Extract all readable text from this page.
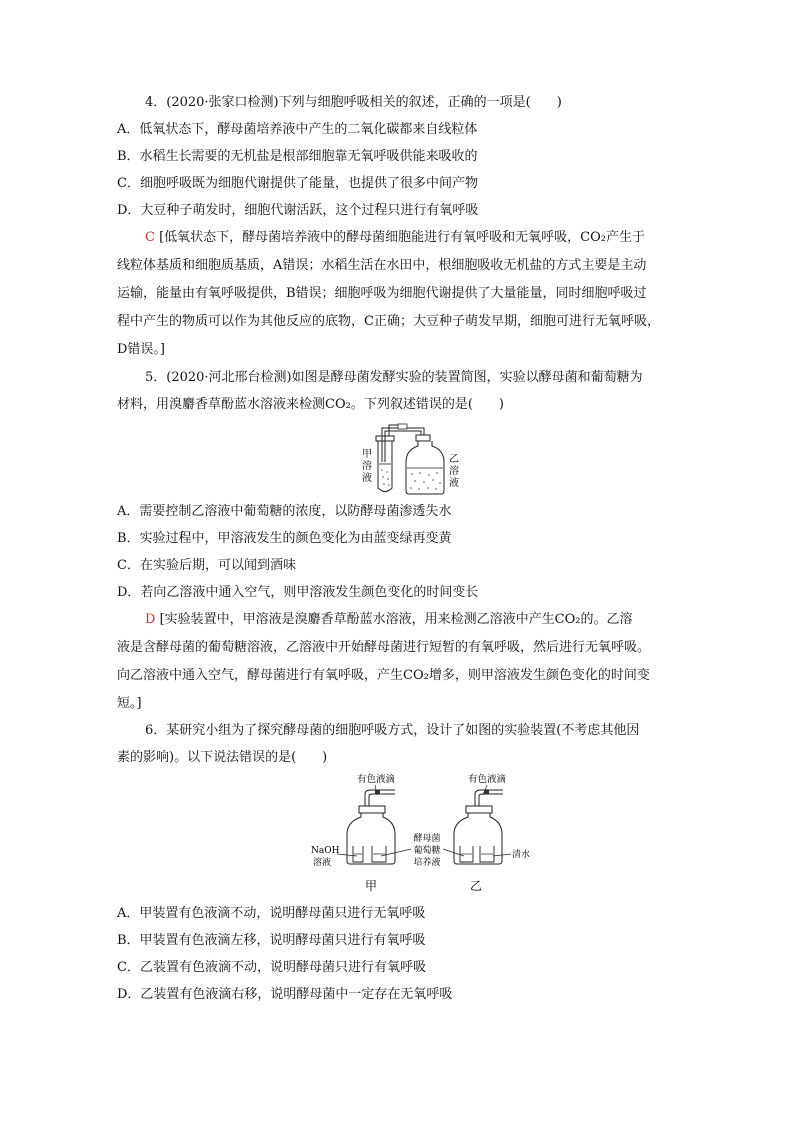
4．(2020·张家口检测)下列与细胞呼吸相关的叙述，正确的一项是(　　)
A．低氧状态下，酵母菌培养液中产生的二氧化碳都来自线粒体
B．水稻生长需要的无机盐是根部细胞靠无氧呼吸供能来吸收的
C．细胞呼吸既为细胞代谢提供了能量，也提供了很多中间产物
D．大豆种子萌发时，细胞代谢活跃，这个过程只进行有氧呼吸
C [低氧状态下，酵母菌培养液中的酵母菌细胞能进行有氧呼吸和无氧呼吸，CO₂产生于
线粒体基质和细胞质基质，A错误；水稻生活在水田中，根细胞吸收无机盐的方式主要是主动
运输，能量由有氧呼吸提供，B错误；细胞呼吸为细胞代谢提供了大量能量，同时细胞呼吸过
程中产生的物质可以作为其他反应的底物，C正确；大豆种子萌发早期，细胞可进行无氧呼吸，
D错误。]
5．(2020·河北邢台检测)如图是酵母菌发酵实验的装置简图，实验以酵母菌和葡萄糖为
材料，用溴麝香草酚蓝水溶液来检测CO₂。下列叙述错误的是(　　)
甲
溶
液
乙
溶
液
A．需要控制乙溶液中葡萄糖的浓度，以防酵母菌渗透失水
B．实验过程中，甲溶液发生的颜色变化为由蓝变绿再变黄
C．在实验后期，可以闻到酒味
D．若向乙溶液中通入空气，则甲溶液发生颜色变化的时间变长
D [实验装置中，甲溶液是溴麝香草酚蓝水溶液，用来检测乙溶液中产生CO₂的。乙溶
液是含酵母菌的葡萄糖溶液，乙溶液中开始酵母菌进行短暂的有氧呼吸，然后进行无氧呼吸。
向乙溶液中通入空气，酵母菌进行有氧呼吸，产生CO₂增多，则甲溶液发生颜色变化的时间变
短。]
6．某研究小组为了探究酵母菌的细胞呼吸方式，设计了如图的实验装置(不考虑其他因
素的影响)。以下说法错误的是(　　)
有色液滴	有色液滴
NaOH
溶液
酵母菌
葡萄糖
培养液
清水
甲	乙
A．甲装置有色液滴不动，说明酵母菌只进行无氧呼吸
B．甲装置有色液滴左移，说明酵母菌只进行有氧呼吸
C．乙装置有色液滴不动，说明酵母菌只进行有氧呼吸
D．乙装置有色液滴右移，说明酵母菌中一定存在无氧呼吸
